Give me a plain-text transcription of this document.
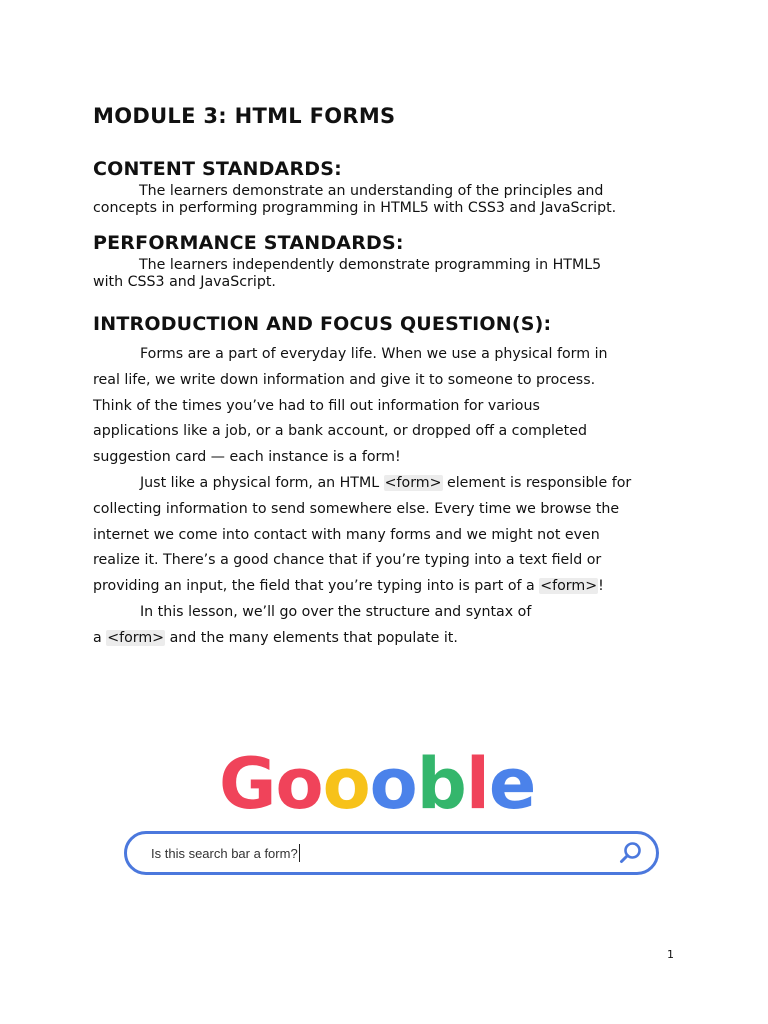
MODULE 3: HTML FORMS
CONTENT STANDARDS:
The learners demonstrate an understanding of the principles and
concepts in performing programming in HTML5 with CSS3 and JavaScript.
PERFORMANCE STANDARDS:
The learners independently demonstrate programming in HTML5
with CSS3 and JavaScript.
INTRODUCTION AND FOCUS QUESTION(S):

Forms are a part of everyday life. When we use a physical form in
real life, we write down information and give it to someone to process.
Think of the times you’ve had to fill out information for various
applications like a job, or a bank account, or dropped off a completed
suggestion card — each instance is a form!

Just like a physical form, an HTML <form> element is responsible for
collecting information to send somewhere else. Every time we browse the
internet we come into contact with many forms and we might not even
realize it. There’s a good chance that if you’re typing into a text field or
providing an input, the field that you’re typing into is part of a <form>!

In this lesson, we’ll go over the structure and syntax of
a <form> and the many elements that populate it.

Goooble
Is this search bar a form?
1
